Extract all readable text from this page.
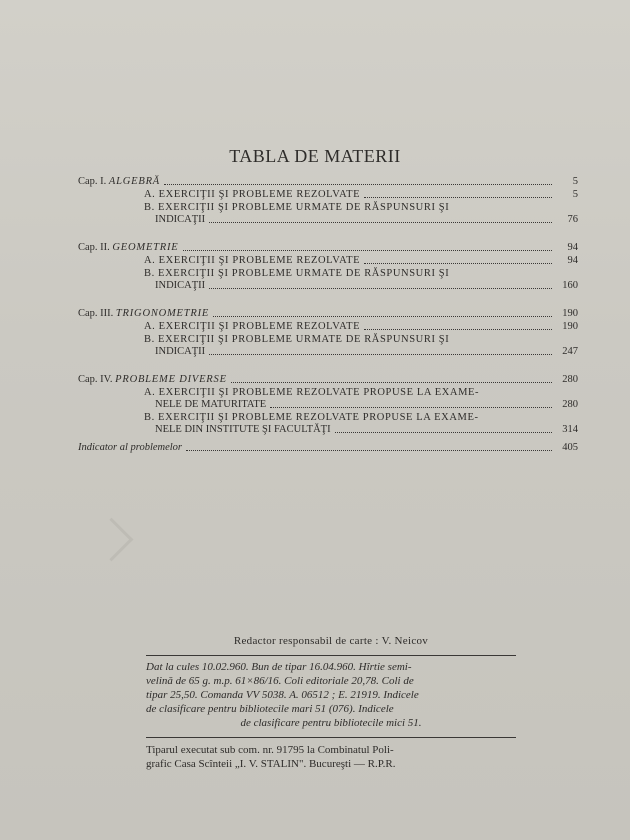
TABLA DE MATERII
Cap. I. ALGEBRĂ	5
A. EXERCIŢII ŞI PROBLEME REZOLVATE	5
B. EXERCIŢII ŞI PROBLEME URMATE DE RĂSPUNSURI ŞI
INDICAŢII	76
Cap. II. GEOMETRIE	94
A. EXERCIŢII ŞI PROBLEME REZOLVATE	94
B. EXERCIŢII ŞI PROBLEME URMATE DE RĂSPUNSURI ŞI
INDICAŢII	160
Cap. III. TRIGONOMETRIE	190
A. EXERCIŢII ŞI PROBLEME REZOLVATE	190
B. EXERCIŢII ŞI PROBLEME URMATE DE RĂSPUNSURI ŞI
INDICAŢII	247
Cap. IV. PROBLEME DIVERSE	280
A. EXERCIŢII ŞI PROBLEME REZOLVATE PROPUSE LA EXAME-
NELE DE MATURITATE	280
B. EXERCIŢII ŞI PROBLEME REZOLVATE PROPUSE LA EXAME-
NELE DIN INSTITUTE ŞI FACULTĂŢI	314
Indicator al problemelor	405
Redactor responsabil de carte : V. Neicov

Dat la cules 10.02.960. Bun de tipar 16.04.960. Hîrtie semi-

velină de 65 g. m.p. 61×86/16. Coli editoriale 20,78. Coli de

tipar 25,50. Comanda VV 5038. A. 06512 ; E. 21919. Indicele

de clasificare pentru bibliotecile mari 51 (076). Indicele

de clasificare pentru bibliotecile mici 51.

Tiparul executat sub com. nr. 91795 la Combinatul Poli-

grafic Casa Scînteii „I. V. STALIN". Bucureşti — R.P.R.
